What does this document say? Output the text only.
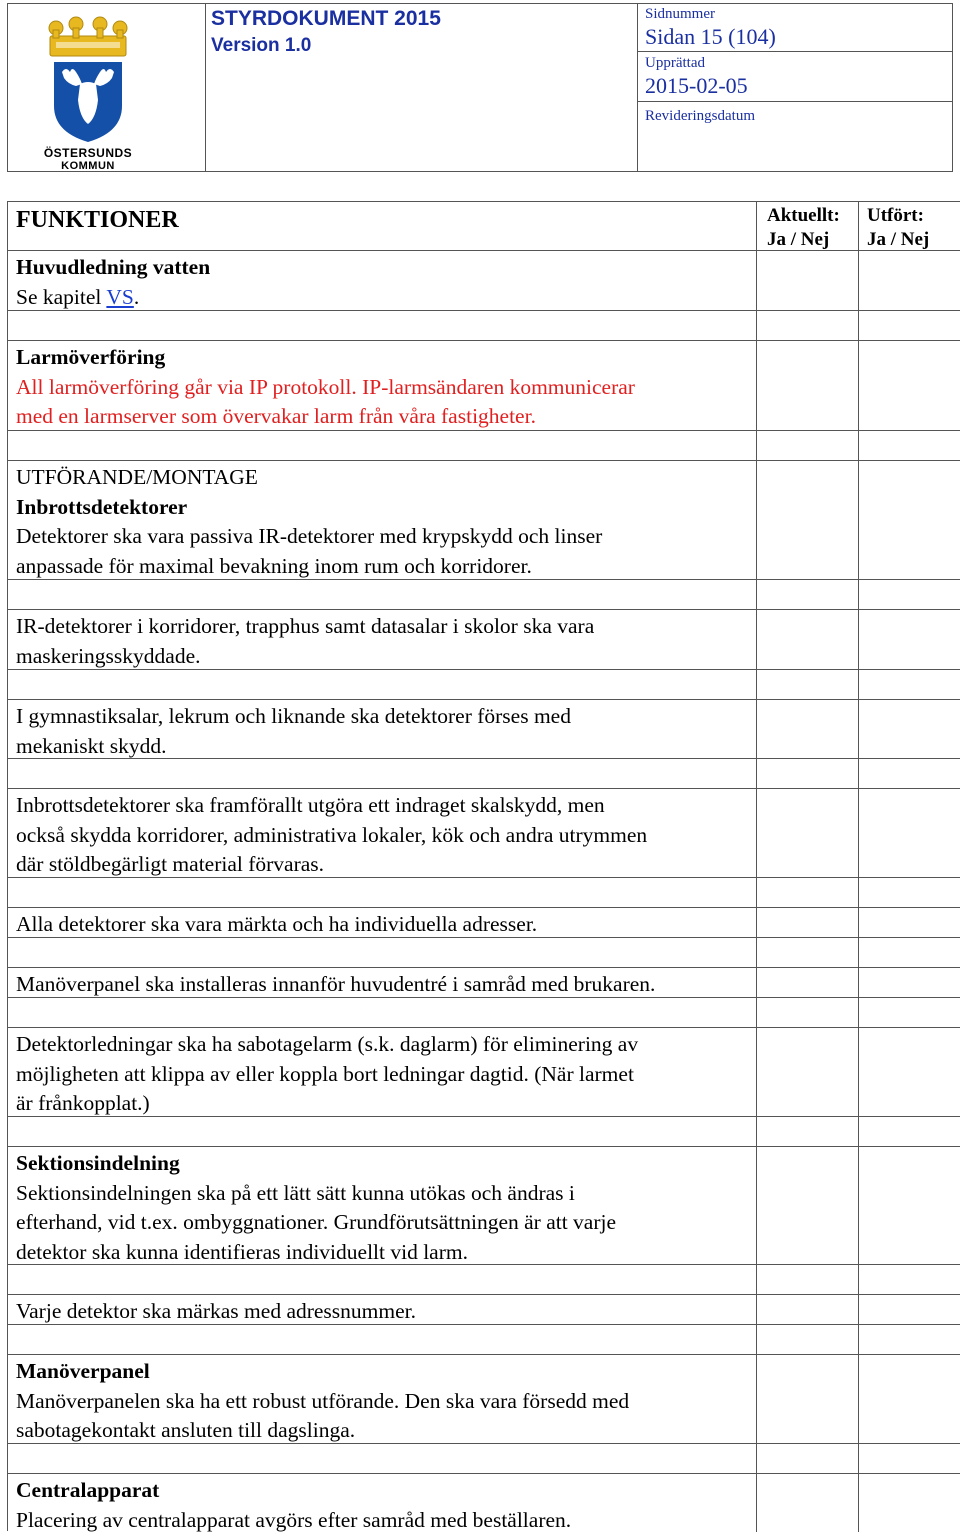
ÖSTERSUNDS
KOMMUN
STYRDOKUMENT 2015
Version 1.0
Sidnummer
Sidan 15 (104)
Upprättad
2015-02-05
Revideringsdatum
FUNKTIONER	Aktuellt:
Ja / Nej
Utfört:
Ja / Nej
Huvudledning vatten
Se kapitel VS.
Larmöverföring
All larmöverföring går via IP protokoll. IP-larmsändaren kommunicerar
med en larmserver som övervakar larm från våra fastigheter.
UTFÖRANDE/MONTAGE
Inbrottsdetektorer
Detektorer ska vara passiva IR-detektorer med krypskydd och linser
anpassade för maximal bevakning inom rum och korridorer.
IR-detektorer i korridorer, trapphus samt datasalar i skolor ska vara
maskeringsskyddade.
I gymnastiksalar, lekrum och liknande ska detektorer förses med
mekaniskt skydd.
Inbrottsdetektorer ska framförallt utgöra ett indraget skalskydd, men
också skydda korridorer, administrativa lokaler, kök och andra utrymmen
där stöldbegärligt material förvaras.
Alla detektorer ska vara märkta och ha individuella adresser.
Manöverpanel ska installeras innanför huvudentré i samråd med brukaren.
Detektorledningar ska ha sabotagelarm (s.k. daglarm) för eliminering av
möjligheten att klippa av eller koppla bort ledningar dagtid. (När larmet
är frånkopplat.)
Sektionsindelning
Sektionsindelningen ska på ett lätt sätt kunna utökas och ändras i
efterhand, vid t.ex. ombyggnationer. Grundförutsättningen är att varje
detektor ska kunna identifieras individuellt vid larm.
Varje detektor ska märkas med adressnummer.
Manöverpanel
Manöverpanelen ska ha ett robust utförande. Den ska vara försedd med
sabotagekontakt ansluten till dagslinga.
Centralapparat
Placering av centralapparat avgörs efter samråd med beställaren.
